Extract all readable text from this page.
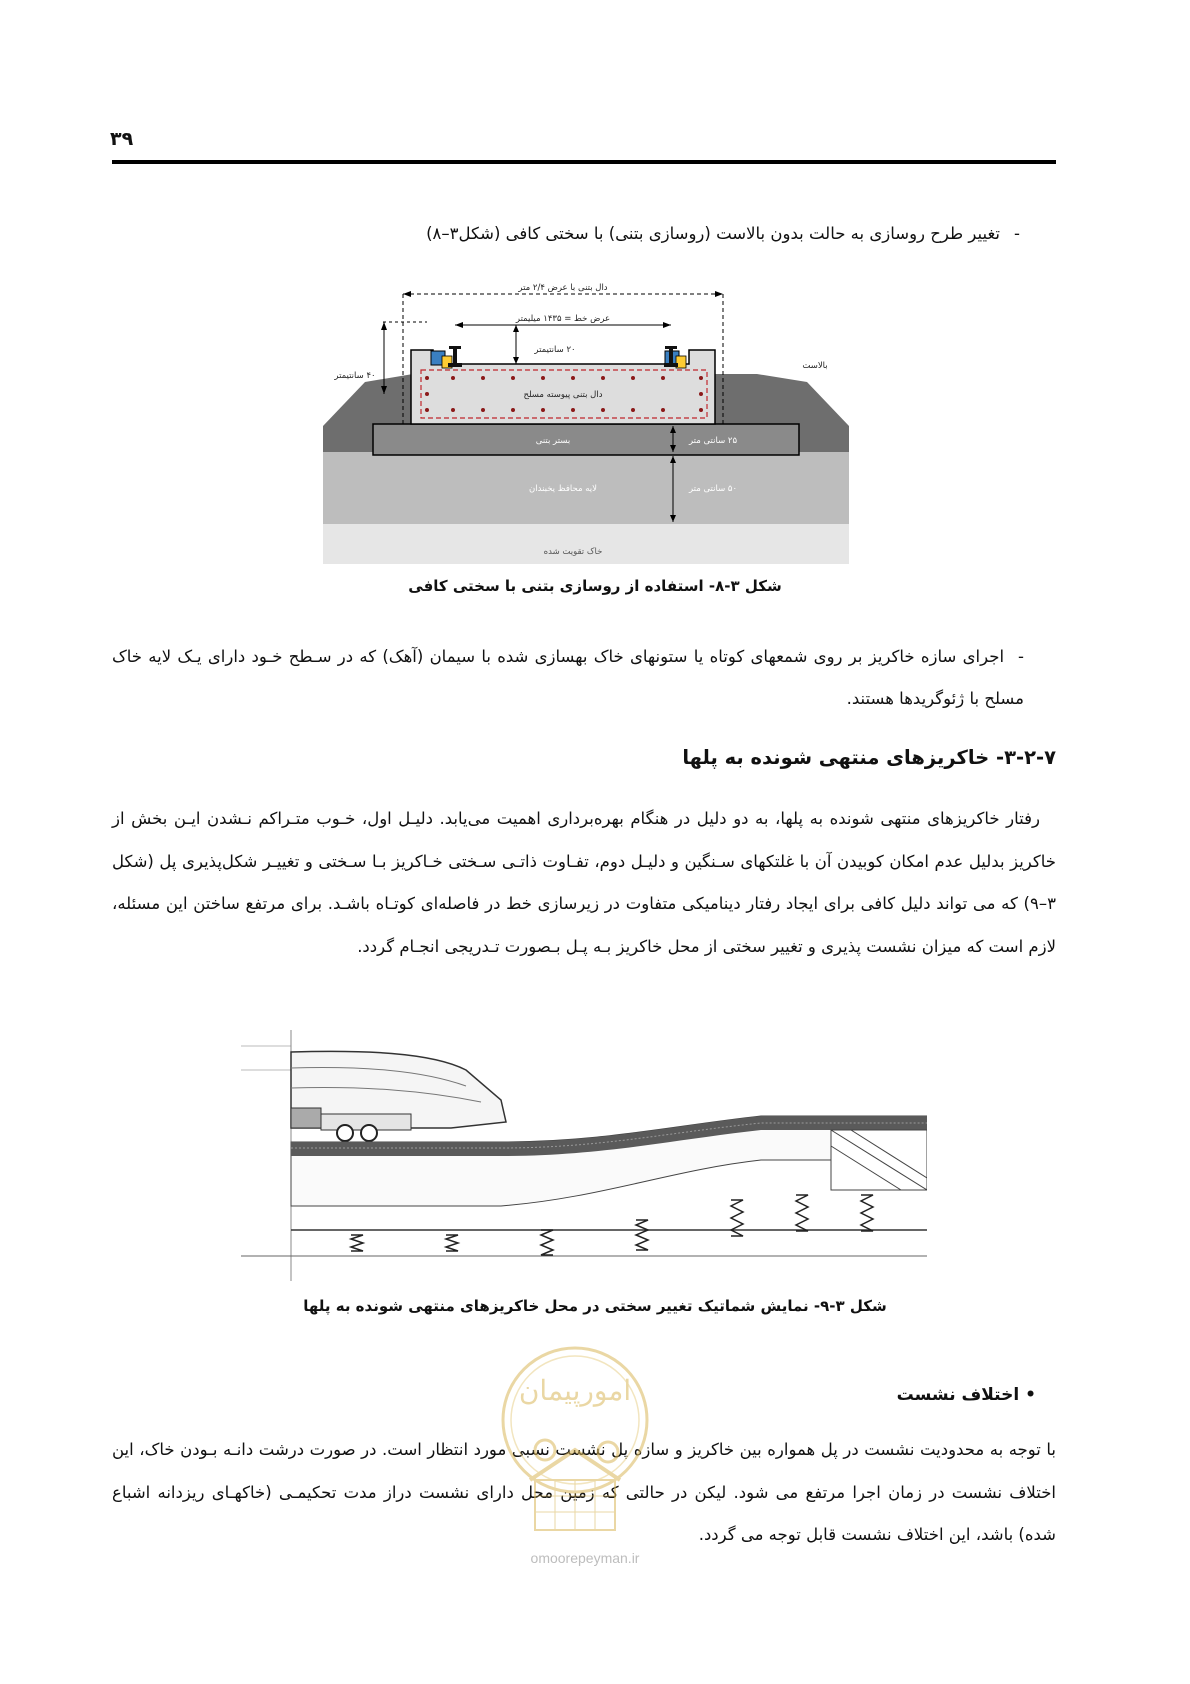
۳۹
-تغییر طرح روسازی به حالت بدون بالاست (روسازی بتنی) با سختی کافی (شکل۳–۸)
دال بتنی با عرض ۲/۴ متر
عرض خط = ۱۴۳۵ میلیمتر
۲۰ سانتیمتر
۴۰ سانتیمتر
بالاست
دال بتنی پیوسته مسلح
بستر بتنی	۲۵ سانتی متر
لایه محافظ یخبندان	۵۰ سانتی متر
خاک تقویت شده
شکل ۳-۸- استفاده از روسازی بتنی با سختی کافی
-اجرای سازه خاکریز بر روی شمعهای کوتاه یا ستونهای خاک بهسازی شده با سیمان (آهک) که در سـطح خـود دارای یـک لایه خاک مسلح با ژئوگریدها هستند.
۳-۲-۷- خاکریزهای منتهی شونده به پلها
رفتار خاکریزهای منتهی شونده به پلها، به دو دلیل در هنگام بهره‌برداری اهمیت می‌یابد. دلیـل اول، خـوب متـراکم نـشدن ایـن بخش از خاکریز بدلیل عدم امکان کوبیدن آن با غلتکهای سـنگین و دلیـل دوم، تفـاوت ذاتـی سـختی خـاکریز بـا سـختی و تغییـر شکل‌پذیری پل (شکل ۳–۹) که می تواند دلیل کافی برای ایجاد رفتار دینامیکی متفاوت در زیرسازی خط در فاصله‌ای کوتـاه باشـد. برای مرتفع ساختن این مسئله، لازم است که میزان نشست پذیری و تغییر سختی از محل خاکریز بـه پـل بـصورت تـدریجی انجـام گردد.
شکل ۳-۹- نمایش شماتیک تغییر سختی در محل خاکریزهای منتهی شونده به پلها
• اختلاف نشست
با توجه به محدودیت نشست در پل همواره بین خاکریز و سازه پل نشست نسبی مورد انتظار است. در صورت درشت دانـه بـودن خاک، این اختلاف نشست در زمان اجرا مرتفع می شود. لیکن در حالتی که زمین محل دارای نشست دراز مدت تحکیمـی (خاکهـای ریزدانه اشباع شده) باشد، این اختلاف نشست قابل توجه می گردد.
امورپیمان
omoorepeyman.ir
